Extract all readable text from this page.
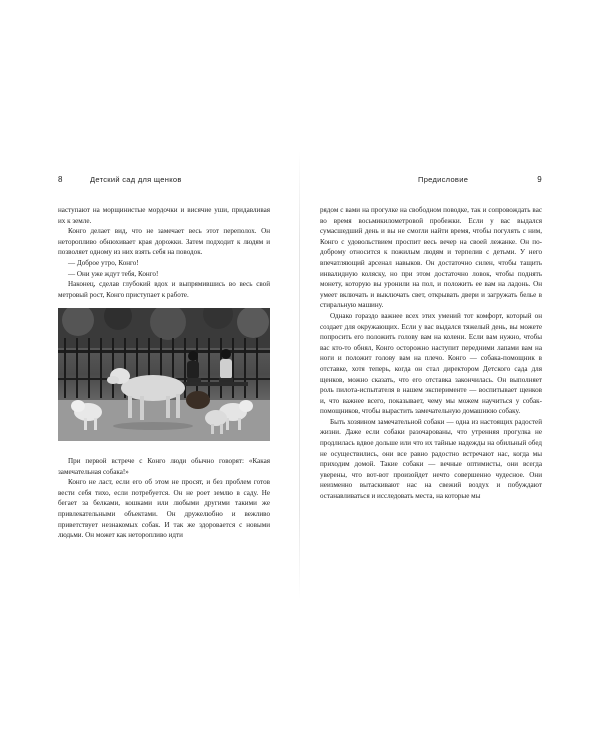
8	Детский сад для щенков

наступают на морщинистые мордочки и висячие уши, придавливая их к земле.

Конго делает вид, что не замечает весь этот переполох. Он неторопливо обнюхивает края дорожки. Затем подходит к людям и позволяет одному из них взять себя на поводок.

— Доброе утро, Конго!

— Они уже ждут тебя, Конго!

Наконец, сделав глубокий вдох и выпрямившись во весь свой метровый рост, Конго приступает к работе.

При первой встрече с Конго люди обычно говорят: «Какая замечательная собака!»

Конго не ласт, если его об этом не просят, и без проблем готов вести себя тихо, если потребуется. Он не роет землю в саду. Не бегает за белками, кошками или любыми другими такими же привлекательными объектами. Он дружелюбно и вежливо приветствует незнакомых собак. И так же здоровается с новыми людьми. Он может как неторопливо идти

Предисловие	9

рядом с вами на прогулке на свободном поводке, так и сопровождать вас во время восьмикилометровой пробежки. Если у вас выдался сумасшедший день и вы не смогли найти время, чтобы погулять с ним, Конго с удовольствием проспит весь вечер на своей лежанке. Он по-доброму относится к пожилым людям и терпелив с детьми. У него впечатляющий арсенал навыков. Он достаточно силен, чтобы тащить инвалидную коляску, но при этом достаточно ловок, чтобы поднять монету, которую вы уронили на пол, и положить ее вам на ладонь. Он умеет включать и выключать свет, открывать двери и загружать белье в стиральную машину.

Однако гораздо важнее всех этих умений тот комфорт, который он создает для окружающих. Если у вас выдался тяжелый день, вы можете попросить его положить голову вам на колени. Если вам нужно, чтобы вас кто-то обнял, Конго осторожно наступит передними лапами вам на ноги и положит голову вам на плечо. Конго — собака-помощник в отставке, хотя теперь, когда он стал директором Детского сада для щенков, можно сказать, что его отставка закончилась. Он выполняет роль пилота-испытателя в нашем эксперименте — воспитывает щенков и, что важнее всего, показывает, чему мы можем научиться у собак-помощников, чтобы вырастить замечательную домашнюю собаку.

Быть хозяином замечательной собаки — одна из настоящих радостей жизни. Даже если собаки разочарованы, что утренняя прогулка не продлилась вдвое дольше или что их тайные надежды на обильный обед не осуществились, они все равно радостно встречают нас, когда мы приходим домой. Такие собаки — вечные оптимисты, они всегда уверены, что вот-вот произойдет нечто совершенно чудесное. Они неизменно вытаскивают нас на свежий воздух и побуждают останавливаться и исследовать места, на которые мы
